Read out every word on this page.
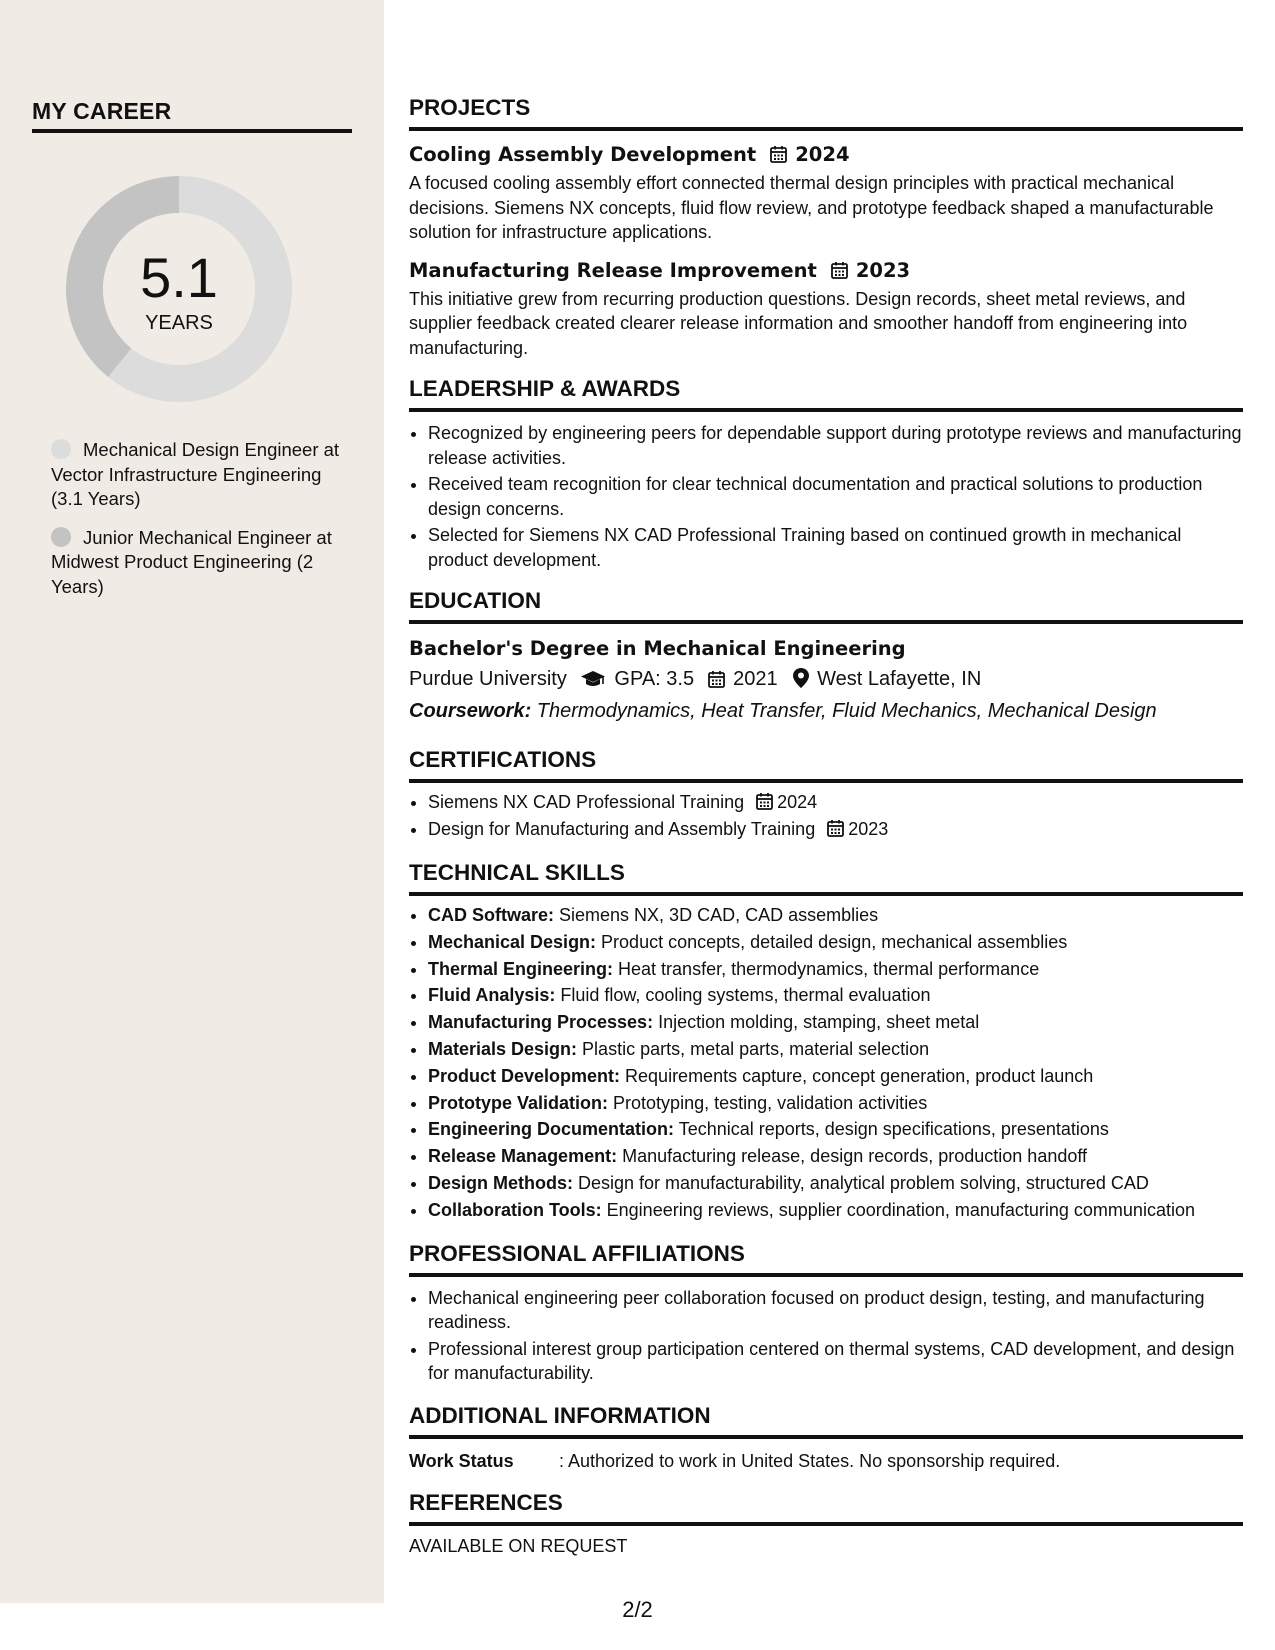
MY CAREER
5.1
YEARS
Mechanical Design Engineer at Vector Infrastructure Engineering (3.1 Years)
Junior Mechanical Engineer at Midwest Product Engineering (2 Years)
PROJECTS
Cooling Assembly Development 2024
A focused cooling assembly effort connected thermal design principles with practical mechanical decisions. Siemens NX concepts, fluid flow review, and prototype feedback shaped a manufacturable solution for infrastructure applications.
Manufacturing Release Improvement 2023
This initiative grew from recurring production questions. Design records, sheet metal reviews, and supplier feedback created clearer release information and smoother handoff from engineering into manufacturing.
LEADERSHIP & AWARDS
• Recognized by engineering peers for dependable support during prototype reviews and manufacturing release activities.
• Received team recognition for clear technical documentation and practical solutions to production design concerns.
• Selected for Siemens NX CAD Professional Training based on continued growth in mechanical product development.
EDUCATION
Bachelor's Degree in Mechanical Engineering
Purdue University GPA: 3.5 2021 West Lafayette, IN
Coursework: Thermodynamics, Heat Transfer, Fluid Mechanics, Mechanical Design
CERTIFICATIONS
• Siemens NX CAD Professional Training 2024
• Design for Manufacturing and Assembly Training 2023
TECHNICAL SKILLS
• CAD Software: Siemens NX, 3D CAD, CAD assemblies
• Mechanical Design: Product concepts, detailed design, mechanical assemblies
• Thermal Engineering: Heat transfer, thermodynamics, thermal performance
• Fluid Analysis: Fluid flow, cooling systems, thermal evaluation
• Manufacturing Processes: Injection molding, stamping, sheet metal
• Materials Design: Plastic parts, metal parts, material selection
• Product Development: Requirements capture, concept generation, product launch
• Prototype Validation: Prototyping, testing, validation activities
• Engineering Documentation: Technical reports, design specifications, presentations
• Release Management: Manufacturing release, design records, production handoff
• Design Methods: Design for manufacturability, analytical problem solving, structured CAD
• Collaboration Tools: Engineering reviews, supplier coordination, manufacturing communication
PROFESSIONAL AFFILIATIONS
• Mechanical engineering peer collaboration focused on product design, testing, and manufacturing readiness.
• Professional interest group participation centered on thermal systems, CAD development, and design for manufacturability.
ADDITIONAL INFORMATION
Work Status	: Authorized to work in United States. No sponsorship required.
REFERENCES
AVAILABLE ON REQUEST
2/2
